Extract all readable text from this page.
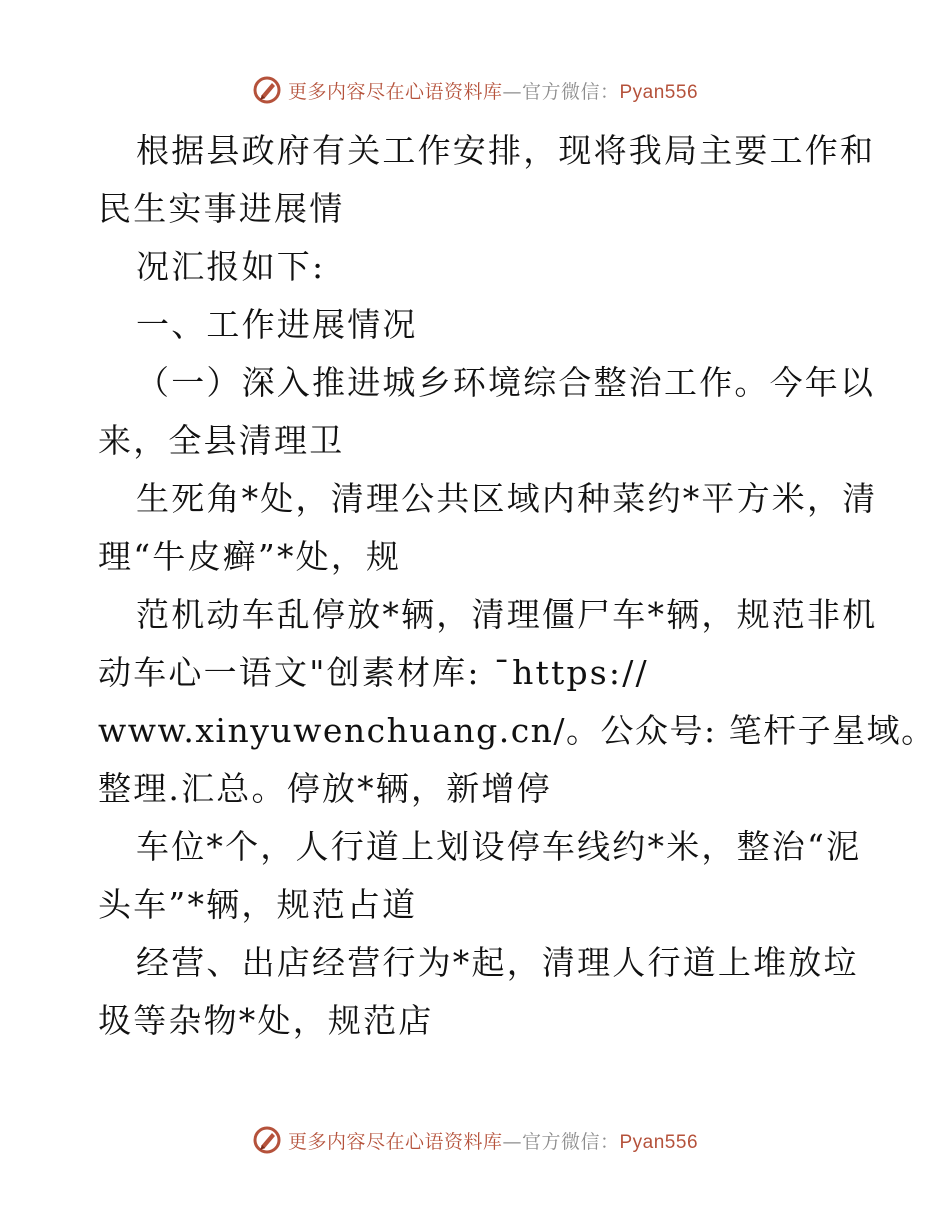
更多内容尽在心语资料库—官方微信：Pyan556
根据县政府有关工作安排，现将我局主要工作和
民生实事进展情
况汇报如下:
一、工作进展情况
（一）深入推进城乡环境综合整治工作。今年以
来，全县清理卫
生死角*处，清理公共区域内种菜约*平方米，清
理“牛皮癣”*处，规
范机动车乱停放*辆，清理僵尸车*辆，规范非机
动车心一语文"创素材库: ¯https://
www.xinyuwenchuang.cn/。公众号: 笔杆子星域。
整理.汇总。停放*辆，新增停
车位*个，人行道上划设停车线约*米，整治“泥
头车”*辆，规范占道
经营、出店经营行为*起，清理人行道上堆放垃
圾等杂物*处，规范店
更多内容尽在心语资料库—官方微信：Pyan556
